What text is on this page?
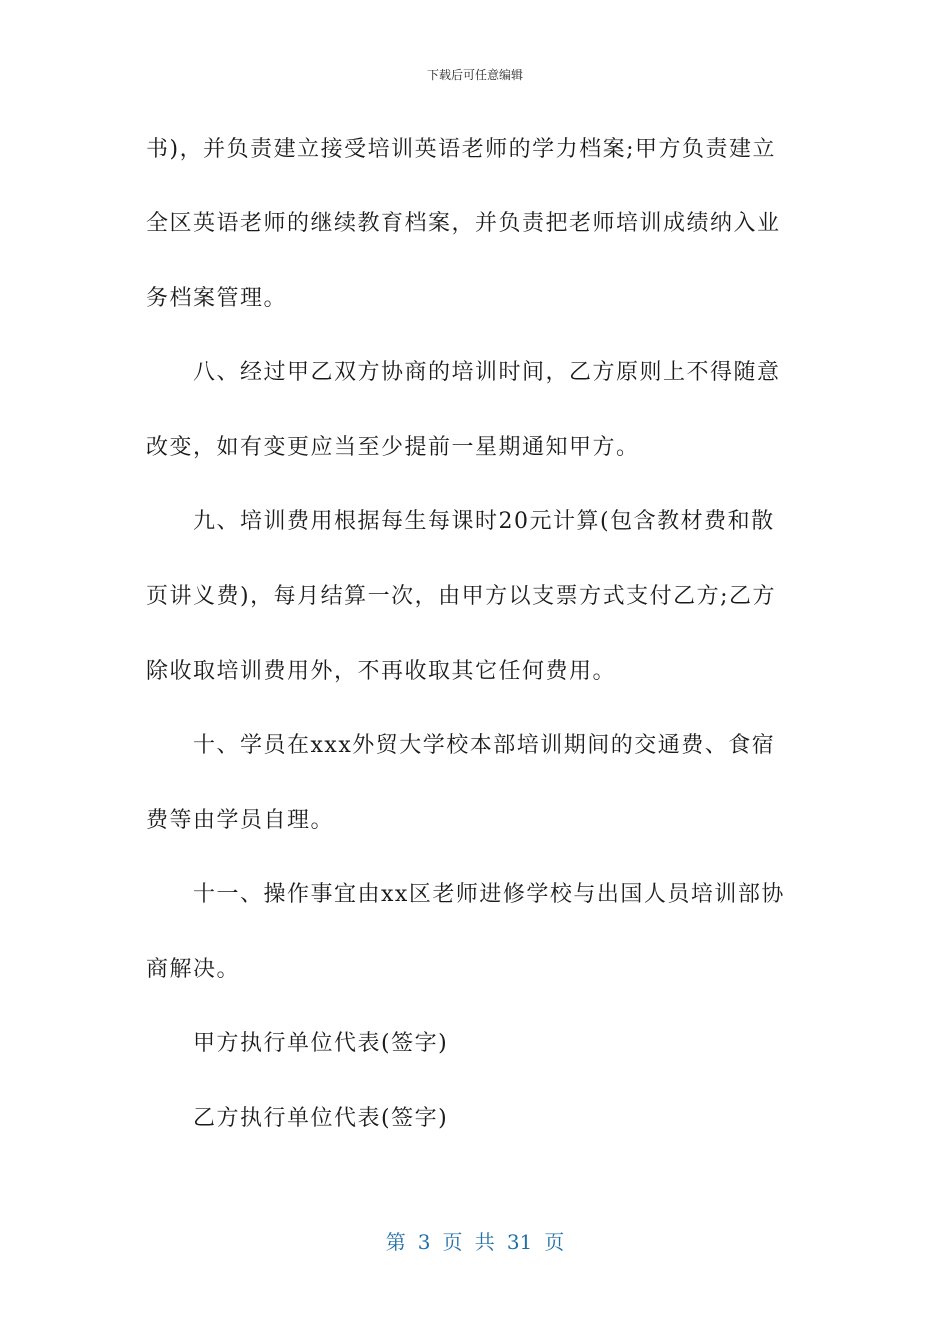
下载后可任意编辑
书)，并负责建立接受培训英语老师的学力档案;甲方负责建立
全区英语老师的继续教育档案，并负责把老师培训成绩纳入业
务档案管理。
八、经过甲乙双方协商的培训时间，乙方原则上不得随意
改变，如有变更应当至少提前一星期通知甲方。
九、培训费用根据每生每课时20元计算(包含教材费和散
页讲义费)，每月结算一次，由甲方以支票方式支付乙方;乙方
除收取培训费用外，不再收取其它任何费用。
十、学员在xxx外贸大学校本部培训期间的交通费、食宿
费等由学员自理。
十一、操作事宜由xx区老师进修学校与出国人员培训部协
商解决。
甲方执行单位代表(签字)
乙方执行单位代表(签字)
第 3 页 共 31 页
